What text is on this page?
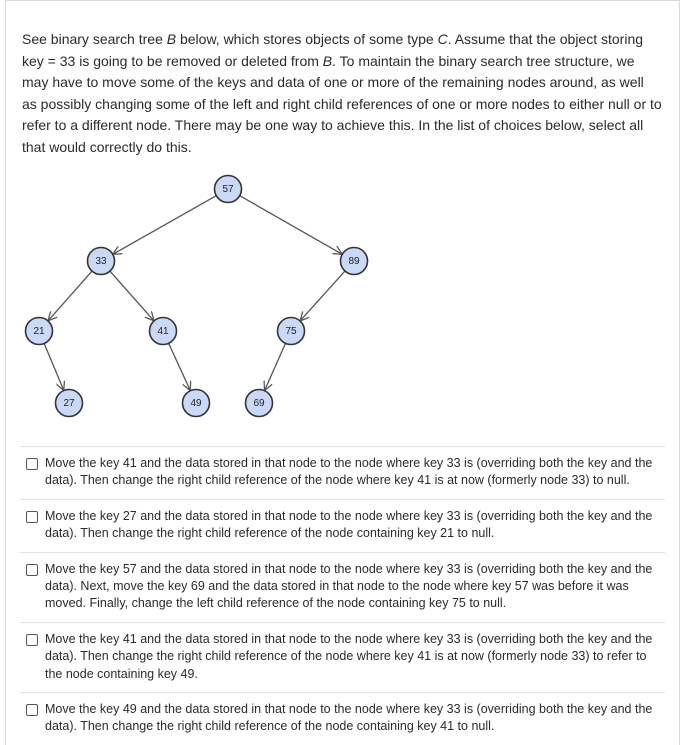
See binary search tree B below, which stores objects of some type C. Assume that the object storing key = 33 is going to be removed or deleted from B. To maintain the binary search tree structure, we may have to move some of the keys and data of one or more of the remaining nodes around, as well as possibly changing some of the left and right child references of one or more nodes to either null or to refer to a different node. There may be one way to achieve this. In the list of choices below, select all that would correctly do this.
57
33	89
21	41	75
27	49	69
Move the key 41 and the data stored in that node to the node where key 33 is (overriding both the key and the data). Then change the right child reference of the node where key 41 is at now (formerly node 33) to null.
Move the key 27 and the data stored in that node to the node where key 33 is (overriding both the key and the data). Then change the right child reference of the node containing key 21 to null.
Move the key 57 and the data stored in that node to the node where key 33 is (overriding both the key and the data). Next, move the key 69 and the data stored in that node to the node where key 57 was before it was moved. Finally, change the left child reference of the node containing key 75 to null.
Move the key 41 and the data stored in that node to the node where key 33 is (overriding both the key and the data). Then change the right child reference of the node where key 41 is at now (formerly node 33) to refer to the node containing key 49.
Move the key 49 and the data stored in that node to the node where key 33 is (overriding both the key and the data). Then change the right child reference of the node containing key 41 to null.
